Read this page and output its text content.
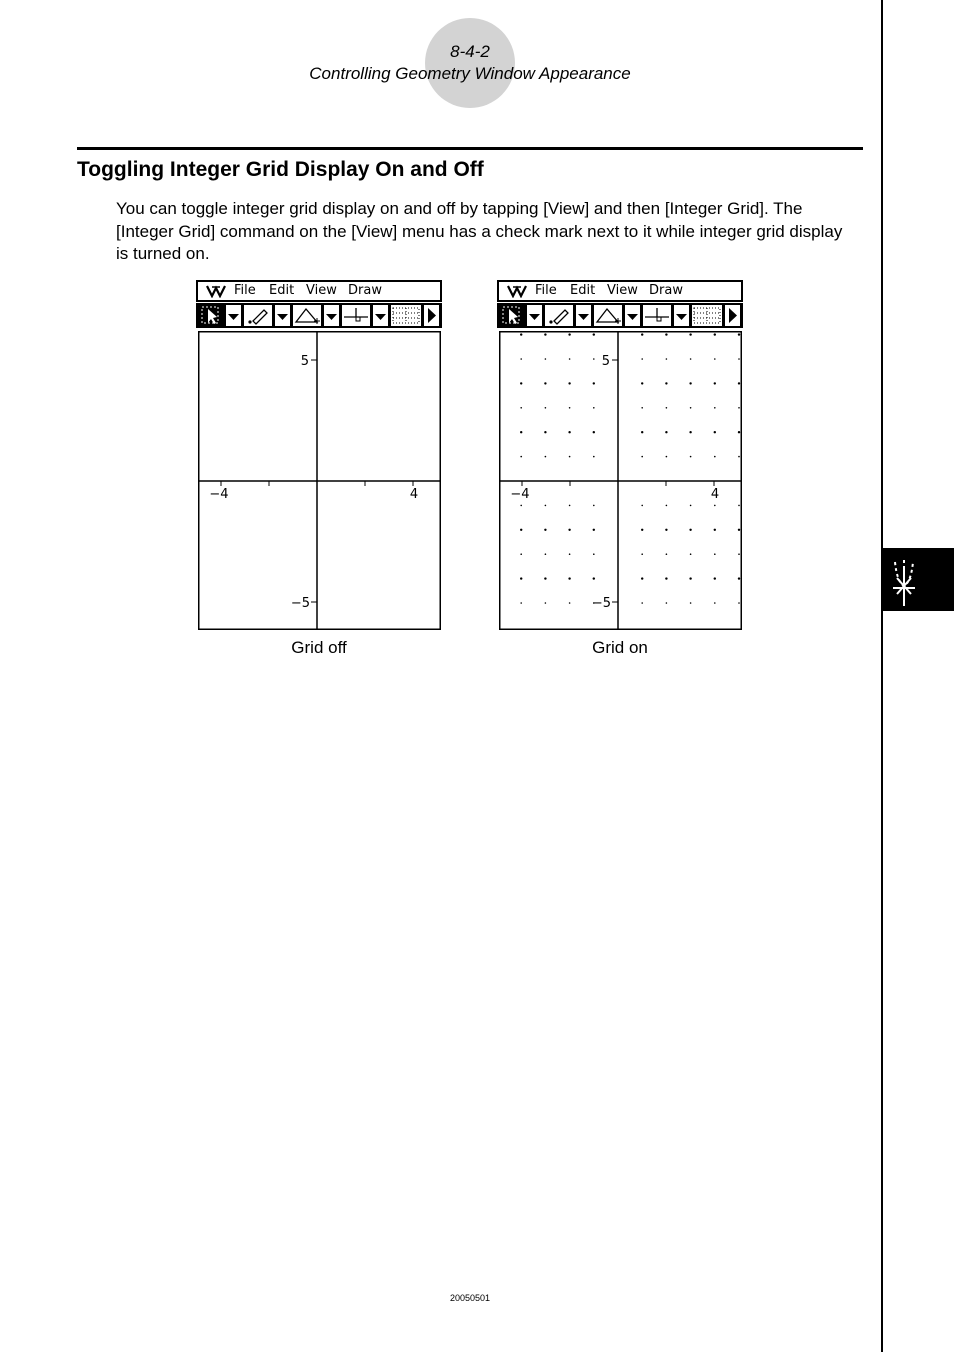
8-4-2
Controlling Geometry Window Appearance
Toggling Integer Grid Display On and Off

You can toggle integer grid display on and off by tapping [View] and then [Integer Grid]. The [Integer Grid] command on the [View] menu has a check mark next to it while integer grid display is turned on.

File Edit View Draw
5
−5
−4	4
Grid off
File Edit View Draw
5
−5
−4	4
Grid on
20050501
